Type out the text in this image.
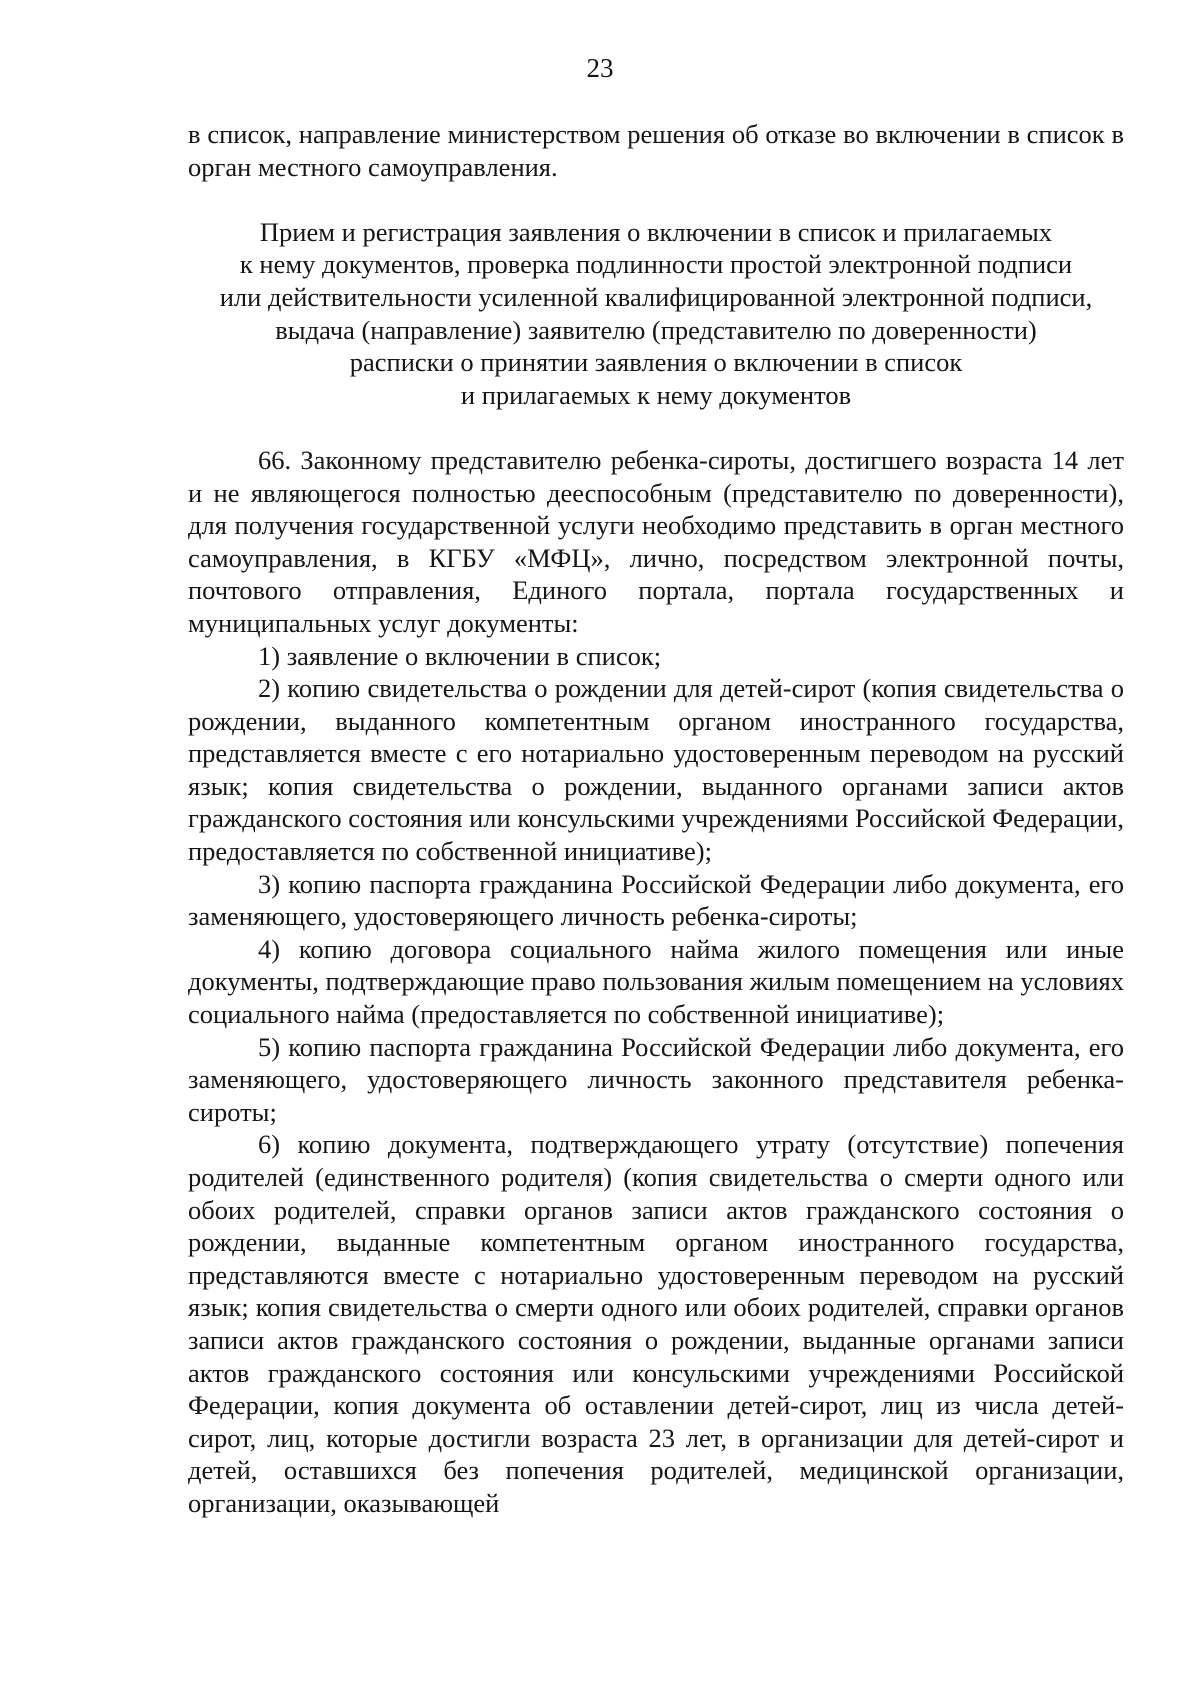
23

в список, направление министерством решения об отказе во включении в список в орган местного самоуправления.

Прием и регистрация заявления о включении в список и прилагаемых
к нему документов, проверка подлинности простой электронной подписи
или действительности усиленной квалифицированной электронной подписи,
выдача (направление) заявителю (представителю по доверенности)
расписки о принятии заявления о включении в список
и прилагаемых к нему документов

66. Законному представителю ребенка-сироты, достигшего возраста 14 лет и не являющегося полностью дееспособным (представителю по доверенности), для получения государственной услуги необходимо представить в орган местного самоуправления, в КГБУ «МФЦ», лично, посредством электронной почты, почтового отправления, Единого портала, портала государственных и муниципальных услуг документы:

1) заявление о включении в список;

2) копию свидетельства о рождении для детей-сирот (копия свидетельства о рождении, выданного компетентным органом иностранного государства, представляется вместе с его нотариально удостоверенным переводом на русский язык; копия свидетельства о рождении, выданного органами записи актов гражданского состояния или консульскими учреждениями Российской Федерации, предоставляется по собственной инициативе);

3) копию паспорта гражданина Российской Федерации либо документа, его заменяющего, удостоверяющего личность ребенка-сироты;

4) копию договора социального найма жилого помещения или иные документы, подтверждающие право пользования жилым помещением на условиях социального найма (предоставляется по собственной инициативе);

5) копию паспорта гражданина Российской Федерации либо документа, его заменяющего, удостоверяющего личность законного представителя ребенка-сироты;

6) копию документа, подтверждающего утрату (отсутствие) попечения родителей (единственного родителя) (копия свидетельства о смерти одного или обоих родителей, справки органов записи актов гражданского состояния о рождении, выданные компетентным органом иностранного государства, представляются вместе с нотариально удостоверенным переводом на русский язык; копия свидетельства о смерти одного или обоих родителей, справки органов записи актов гражданского состояния о рождении, выданные органами записи актов гражданского состояния или консульскими учреждениями Российской Федерации, копия документа об оставлении детей-сирот, лиц из числа детей-сирот, лиц, которые достигли возраста 23 лет, в организации для детей-сирот и детей, оставшихся без попечения родителей, медицинской организации, организации, оказывающей
